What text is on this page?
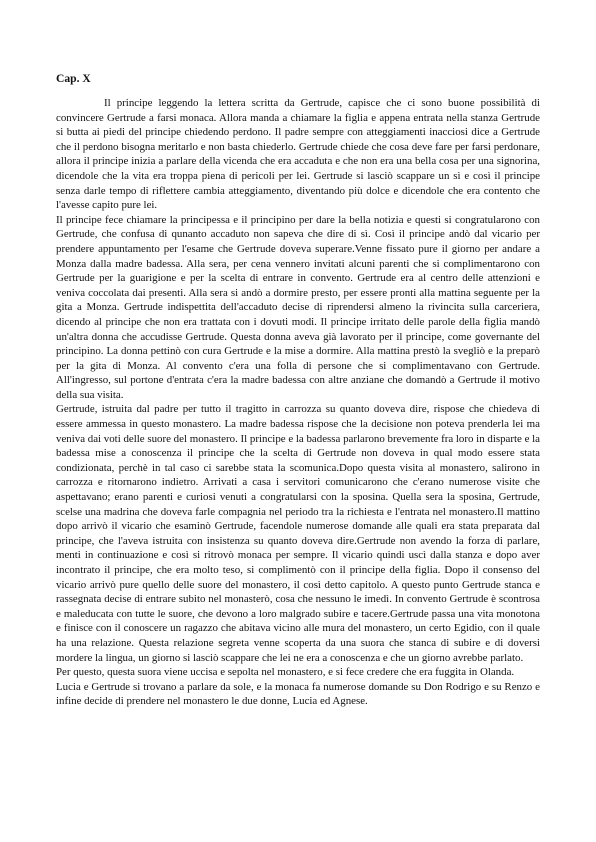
Cap. X

Il principe leggendo la lettera scritta da Gertrude, capisce che ci sono buone possibilità di convincere Gertrude a farsi monaca. Allora manda a chiamare la figlia e appena entrata nella stanza Gertrude si butta ai piedi del principe chiedendo perdono. Il padre sempre con atteggiamenti inacciosi dice a Gertrude che il perdono bisogna meritarlo e non basta chiederlo. Gertrude chiede che cosa deve fare per farsi perdonare, allora il principe inizia a parlare della vicenda che era accaduta e che non era una bella cosa per una signorina, dicendole che la vita era troppa piena di pericoli per lei. Gertrude si lasciò scappare un sì e così il principe senza darle tempo di riflettere cambia atteggiamento, diventando più dolce e dicendole che era contento che l'avesse capito pure lei.

Il principe fece chiamare la principessa e il principino per dare la bella notizia e questi si congratularono con Gertrude, che confusa di qunanto accaduto non sapeva che dire di sì. Così il principe andò dal vicario per prendere appuntamento per l'esame che Gertrude doveva superare.Venne fissato pure il giorno per andare a Monza dalla madre badessa. Alla sera, per cena vennero invitati alcuni parenti che si complimentarono con Gertrude per la guarigione e per la scelta di entrare in convento. Gertrude era al centro delle attenzioni e veniva coccolata dai presenti. Alla sera si andò a dormire presto, per essere pronti alla mattina seguente per la gita a Monza. Gertrude indispettita dell'accaduto decise di riprendersi almeno la rivincita sulla carceriera, dicendo al principe che non era trattata con i dovuti modi. Il principe irritato delle parole della figlia mandò un'altra donna che accudisse Gertrude. Questa donna aveva già lavorato per il principe, come governante del principino. La donna pettinò con cura Gertrude e la mise a dormire. Alla mattina prestò la svegliò e la preparò per la gita di Monza. Al convento c'era una folla di persone che si complimentavano con Gertrude. All'ingresso, sul portone d'entrata c'era la madre badessa con altre anziane che domandò a Gertrude il motivo della sua visita.

Gertrude, istruita dal padre per tutto il tragitto in carrozza su quanto doveva dire, rispose che chiedeva di essere ammessa in questo monastero. La madre badessa rispose che la decisione non poteva prenderla lei ma veniva dai voti delle suore del monastero. Il principe e la badessa parlarono brevemente fra loro in disparte e la badessa mise a conoscenza il principe che la scelta di Gertrude non doveva in qual modo essere stata condizionata, perchè in tal caso ci sarebbe stata la scomunica.Dopo questa visita al monastero, salirono in carrozza e ritornarono indietro. Arrivati a casa i servitori comunicarono che c'erano numerose visite che aspettavano; erano parenti e curiosi venuti a congratularsi con la sposina. Quella sera la sposina, Gertrude, scelse una madrina che doveva farle compagnia nel periodo tra la richiesta e l'entrata nel monastero.Il mattino dopo arrivò il vicario che esaminò Gertrude, facendole numerose domande alle quali era stata preparata dal principe, che l'aveva istruita con insistenza su quanto doveva dire.Gertrude non avendo la forza di parlare, menti in continuazione e così si ritrovò monaca per sempre. Il vicario quindi uscì dalla stanza e dopo aver incontrato il principe, che era molto teso, si complimentò con il principe della figlia. Dopo il consenso del vicario arrivò pure quello delle suore del monastero, il così detto capitolo. A questo punto Gertrude stanca e rassegnata decise di entrare subito nel monasterò, cosa che nessuno le imedì. In convento Gertrude è scontrosa e maleducata con tutte le suore, che devono a loro malgrado subire e tacere.Gertrude passa una vita monotona e finisce con il conoscere un ragazzo che abitava vicino alle mura del monastero, un certo Egidio, con il quale ha una relazione. Questa relazione segreta venne scoperta da una suora che stanca di subire e di doversi mordere la lingua, un giorno si lasciò scappare che lei ne era a conoscenza e che un giorno avrebbe parlato.

Per questo, questa suora viene uccisa e sepolta nel monastero, e si fece credere che era fuggita in Olanda.

Lucia e Gertrude si trovano a parlare da sole, e la monaca fa numerose domande su Don Rodrigo e su Renzo e infine decide di prendere nel monastero le due donne, Lucia ed Agnese.
